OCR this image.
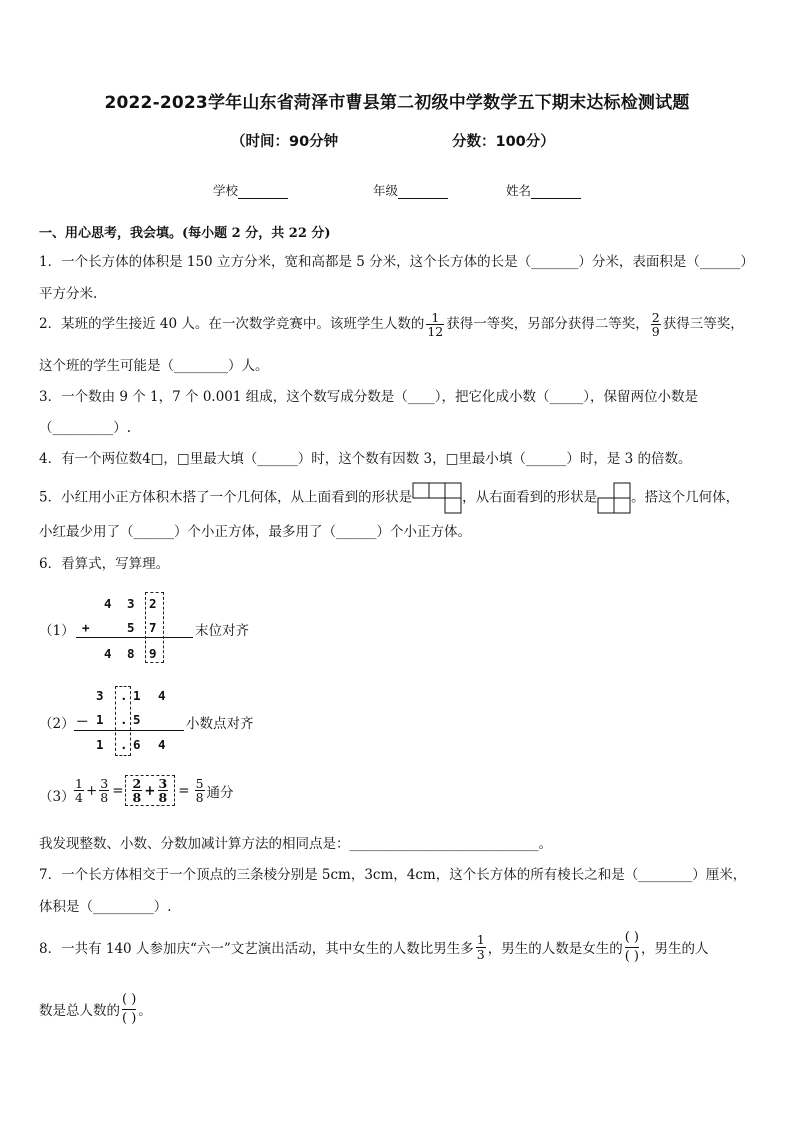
2022-2023学年山东省菏泽市曹县第二初级中学数学五下期末达标检测试题
（时间：90分钟	分数：100分）
学校	年级	姓名
一、用心思考，我会填。(每小题 2 分，共 22 分)
1．一个长方体的体积是 150 立方分米，宽和高都是 5 分米，这个长方体的长是（_______）分米，表面积是（______）
平方分米.
2．某班的学生接近 40 人。在一次数学竞赛中。该班学生人数的 $\frac{1}{12}$ 获得一等奖，另部分获得二等奖， $\frac{2}{9}$ 获得三等奖，
这个班的学生可能是（________）人。
3．一个数由 9 个 1，7 个 0.001 组成，这个数写成分数是（____），把它化成小数（_____），保留两位小数是
（_________）.
4．有一个两位数4□，□里最大填（______）时，这个数有因数 3，□里最小填（______）时，是 3 的倍数。
5．小红用小正方体积木搭了一个几何体，从上面看到的形状是	，从右面看到的形状是	。搭这个几何体，
小红最少用了（______）个小正方体，最多用了（______）个小正方体。
6．看算式，写算理。
（1）
4 3 2
+	5 7
4 8 9
末位对齐
（2）
3 . 1 4
－ 1 . 5
1 . 6 4
小数点对齐
$(3) \frac{1}{4} + \frac{3}{8} = \frac{2}{8} + \frac{3}{8} = \frac{5}{8}$ 通分
我发现整数、小数、分数加减计算方法的相同点是：____________________________。
7．一个长方体相交于一个顶点的三条棱分别是 5cm，3cm，4cm，这个长方体的所有棱长之和是（________）厘米，
体积是（_________）.
8．一共有 140 人参加庆“六一”文艺演出活动，其中女生的人数比男生多 $\frac{1}{3}$ ，男生的人数是女生的 $\frac{( )}{( )}$ ，男生的人
数是总人数的 $\frac{( )}{( )}$ 。
